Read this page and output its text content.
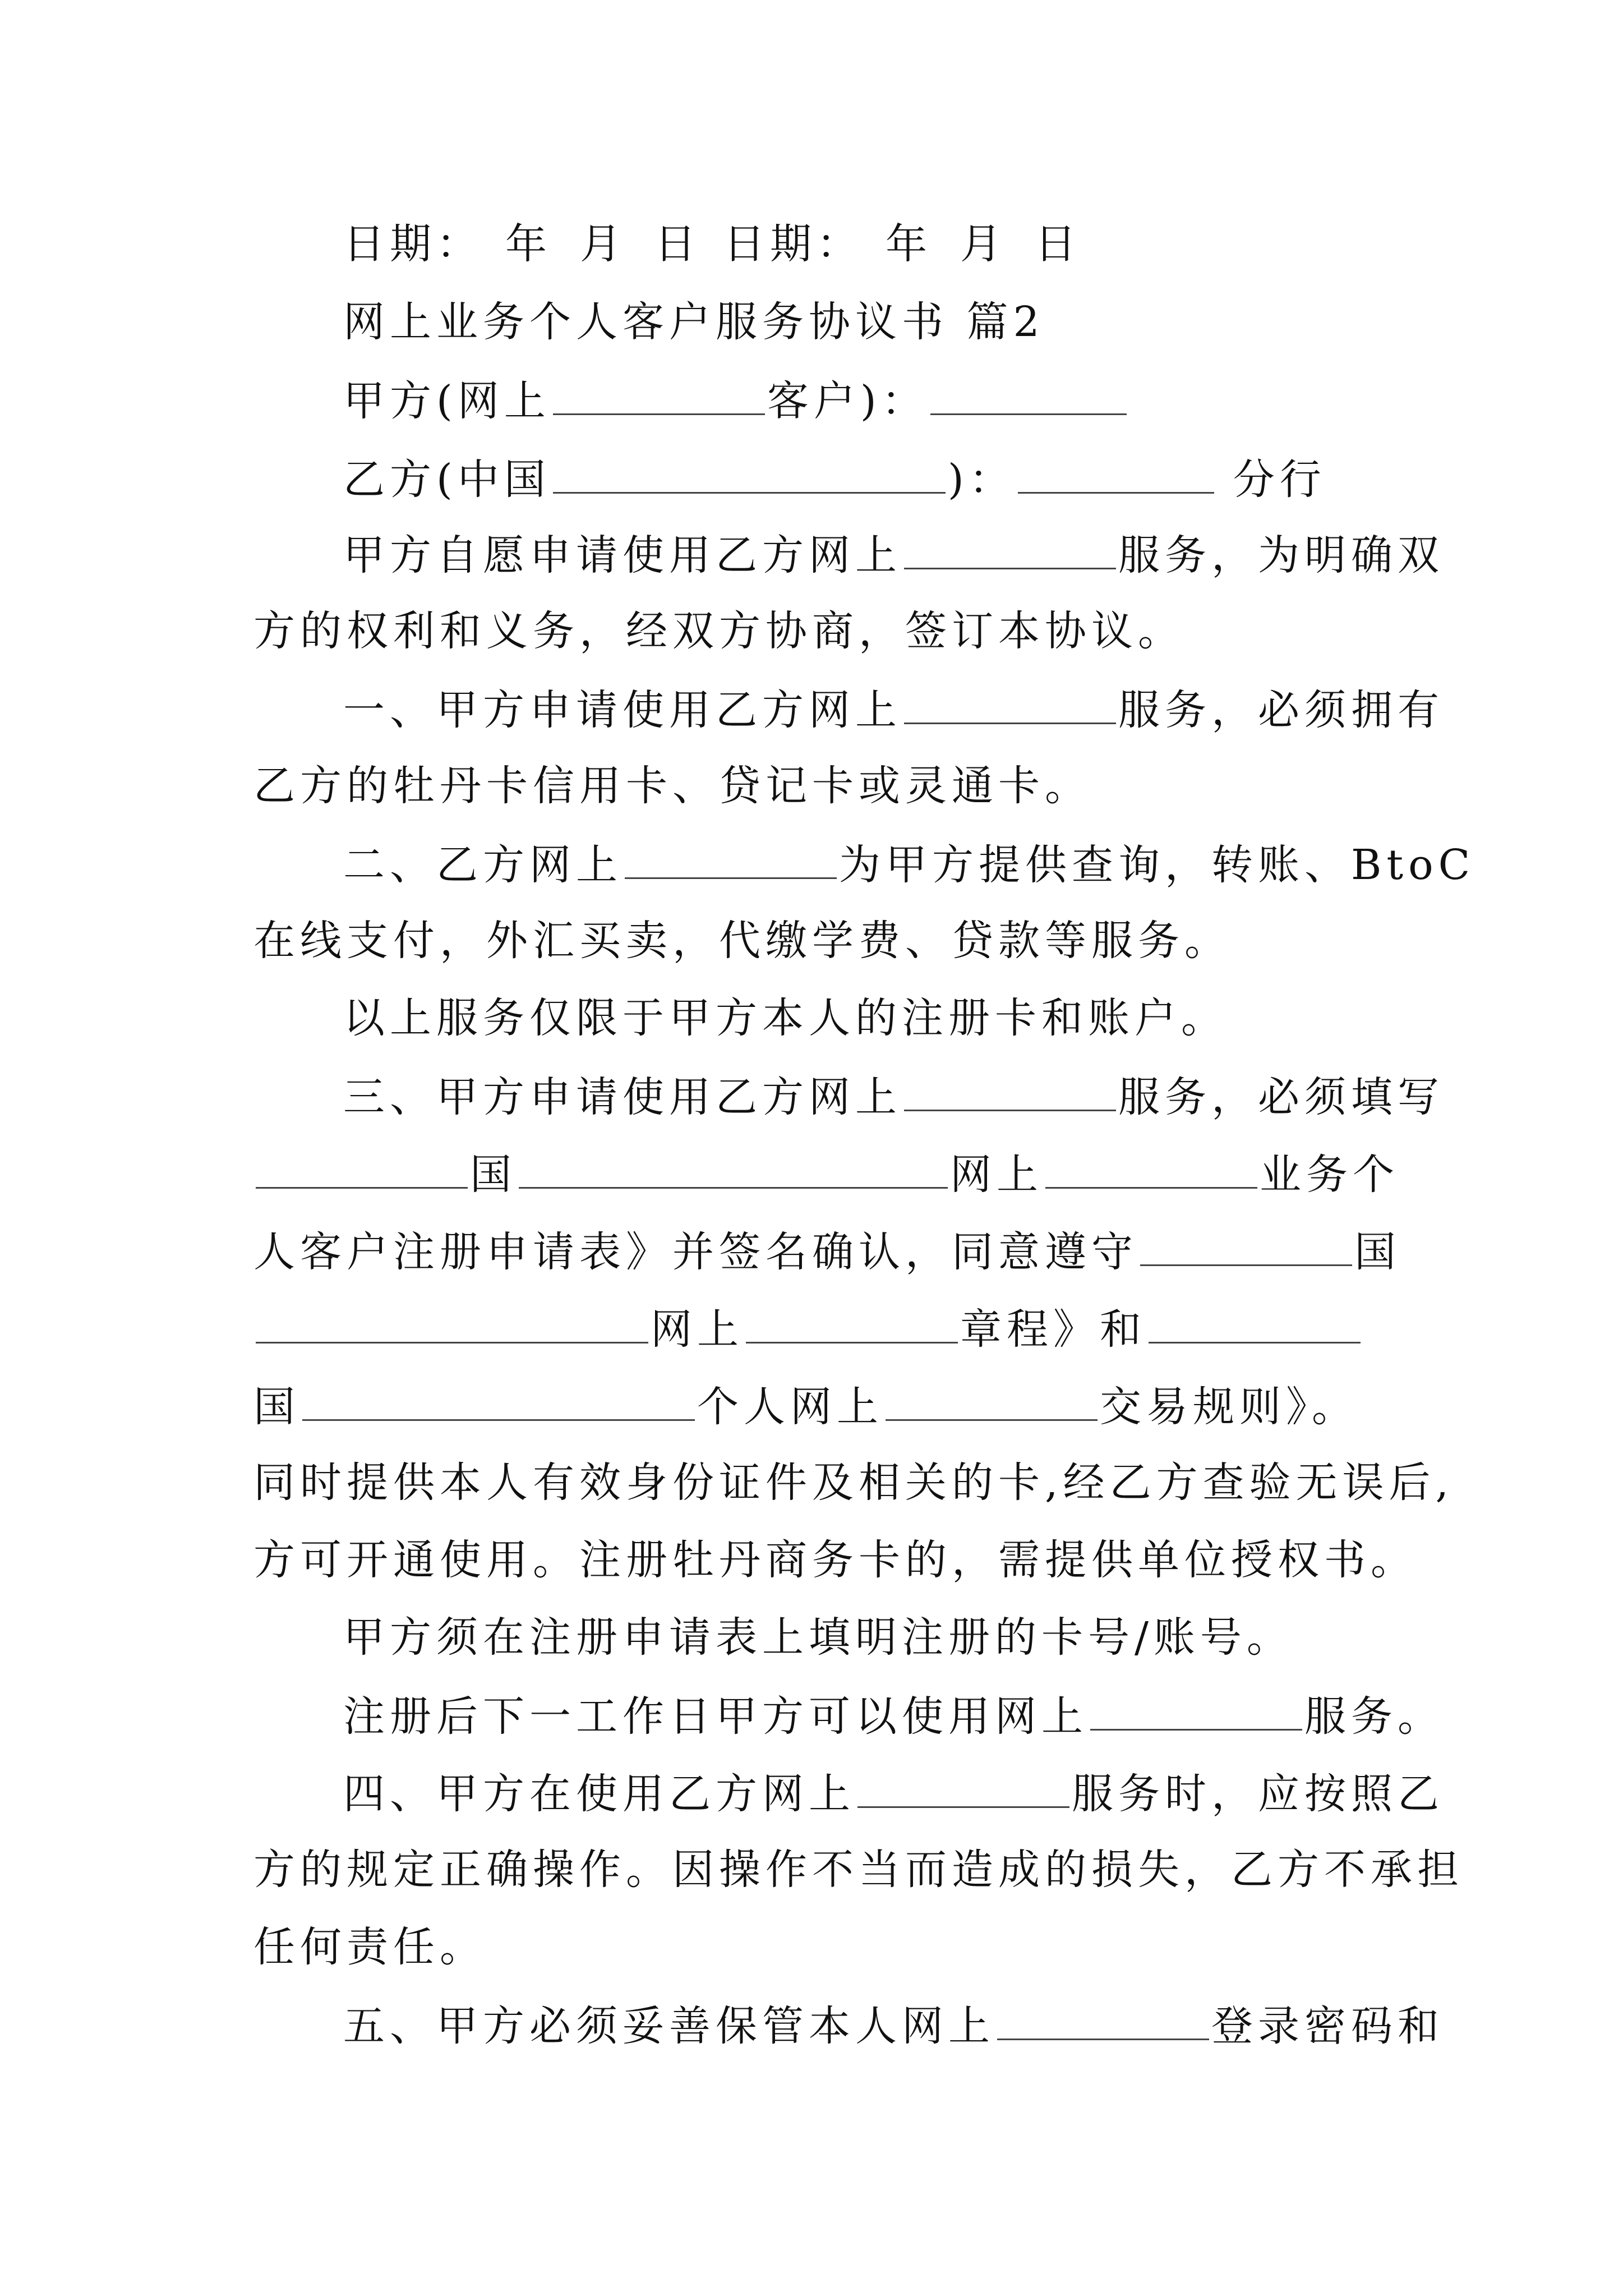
日期： 年 月 日 日期： 年 月 日
网上业务个人客户服务协议书 篇2
甲方(网上	客户)：
乙方(中国	)：	分行
甲方自愿申请使用乙方网上	服务，为明确双
方的权利和义务，经双方协商，签订本协议。
一、甲方申请使用乙方网上	服务，必须拥有
乙方的牡丹卡信用卡、贷记卡或灵通卡。
二、乙方网上	为甲方提供查询，转账、BtoC
在线支付，外汇买卖，代缴学费、贷款等服务。
以上服务仅限于甲方本人的注册卡和账户。
三、甲方申请使用乙方网上	服务，必须填写
国	网上	业务个
人客户注册申请表》并签名确认，同意遵守	国
网上	章程》和
国	个人网上	交易规则》。
同时提供本人有效身份证件及相关的卡,经乙方查验无误后,
方可开通使用。注册牡丹商务卡的，需提供单位授权书。
甲方须在注册申请表上填明注册的卡号/账号。
注册后下一工作日甲方可以使用网上	服务。
四、甲方在使用乙方网上	服务时，应按照乙
方的规定正确操作。因操作不当而造成的损失，乙方不承担
任何责任。
五、甲方必须妥善保管本人网上	登录密码和
